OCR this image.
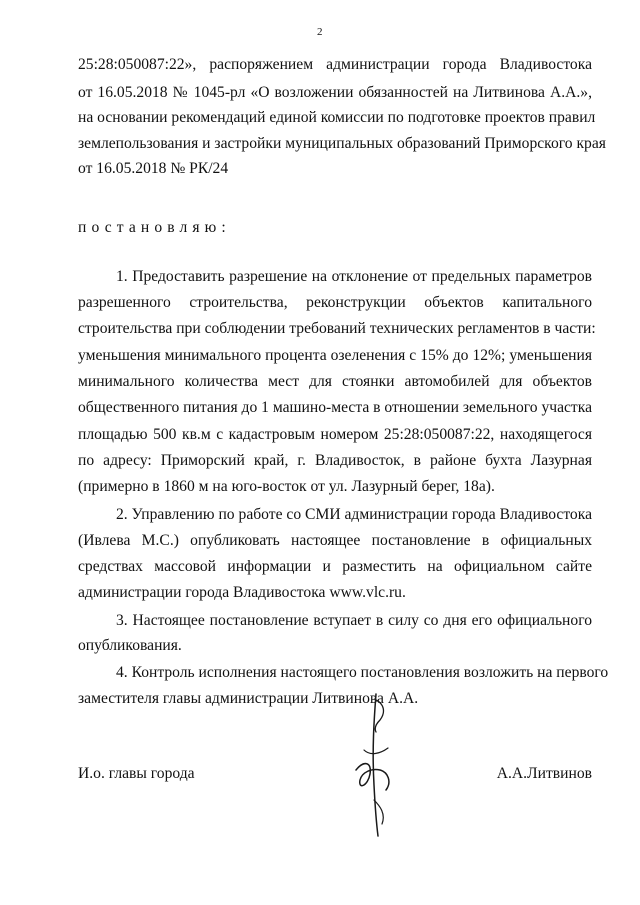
2
25:28:050087:22», распоряжением администрации города Владивостока
от 16.05.2018 № 1045-рл «О возложении обязанностей на Литвинова А.А.»,
на основании рекомендаций единой комиссии по подготовке проектов правил
землепользования и застройки муниципальных образований Приморского края
от 16.05.2018 № РК/24
постановляю:
1. Предоставить разрешение на отклонение от предельных параметров
разрешенного строительства, реконструкции объектов капитального
строительства при соблюдении требований технических регламентов в части:
уменьшения минимального процента озеленения с 15% до 12%; уменьшения
минимального количества мест для стоянки автомобилей для объектов
общественного питания до 1 машино-места в отношении земельного участка
площадью 500 кв.м с кадастровым номером 25:28:050087:22, находящегося
по адресу: Приморский край, г. Владивосток, в районе бухта Лазурная
(примерно в 1860 м на юго-восток от ул. Лазурный берег, 18а).
2. Управлению по работе со СМИ администрации города Владивостока
(Ивлева М.С.) опубликовать настоящее постановление в официальных
средствах массовой информации и разместить на официальном сайте
администрации города Владивостока www.vlc.ru.
3. Настоящее постановление вступает в силу со дня его официального
опубликования.
4. Контроль исполнения настоящего постановления возложить на первого
заместителя главы администрации Литвинова А.А.
И.о. главы города	А.А.Литвинов
